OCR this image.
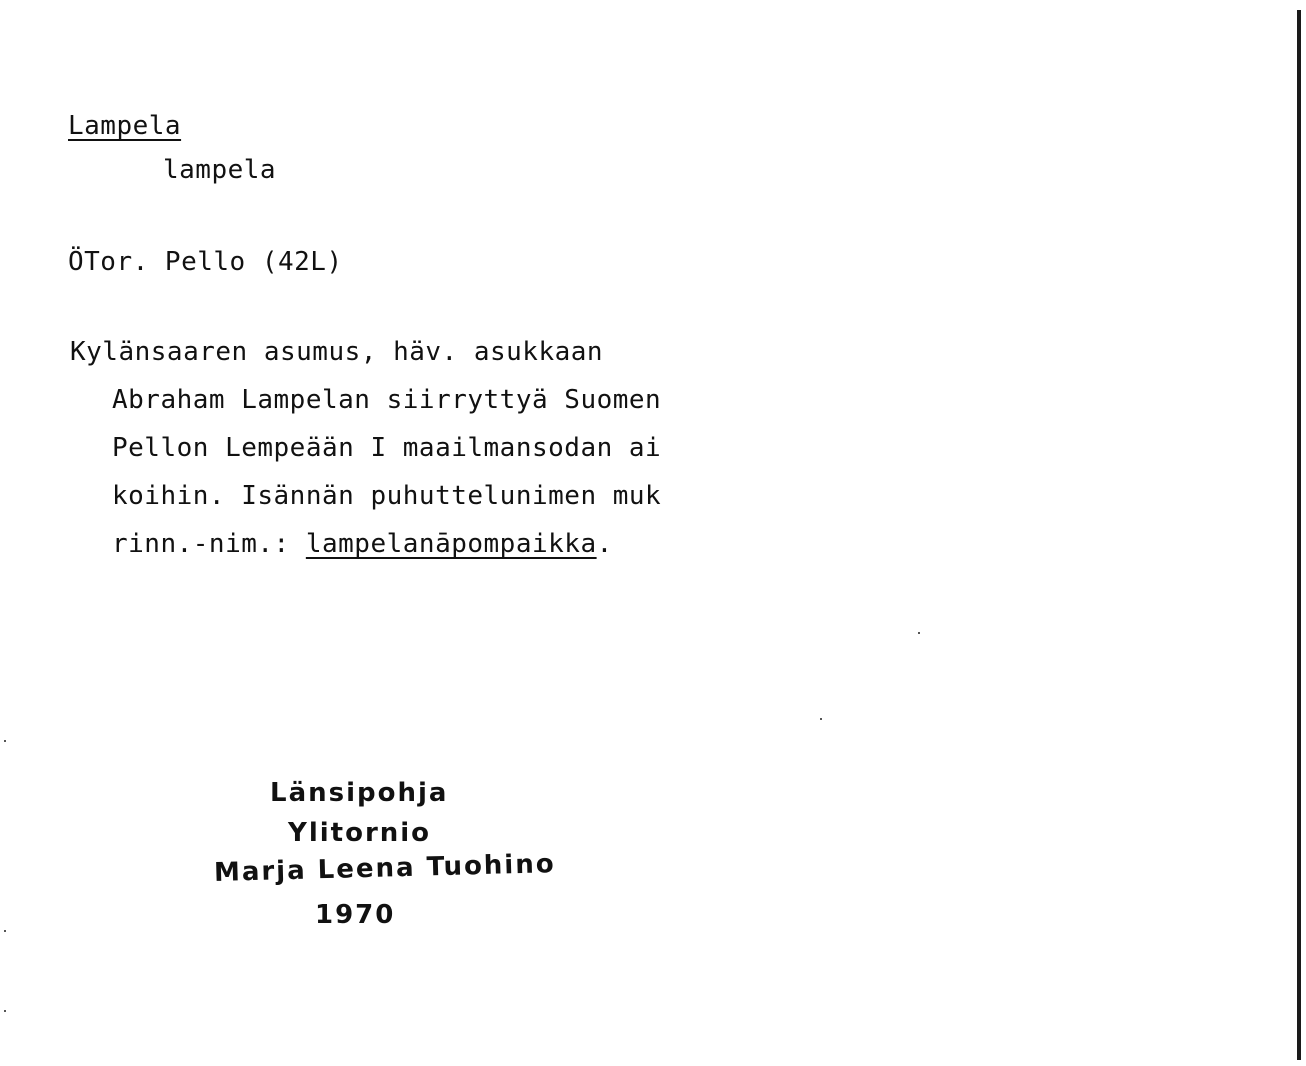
Lampela
lampela
ÖTor. Pello (42L)
Kylänsaaren asumus, häv. asukkaan
Abraham Lampelan siirryttyä Suomen
Pellon Lempeään I maailmansodan ai
koihin. Isännän puhuttelunimen muk
rinn.-nim.: lampelanāpompaikka.
Länsipohja
Ylitornio
Marja Leena Tuohino
1970
